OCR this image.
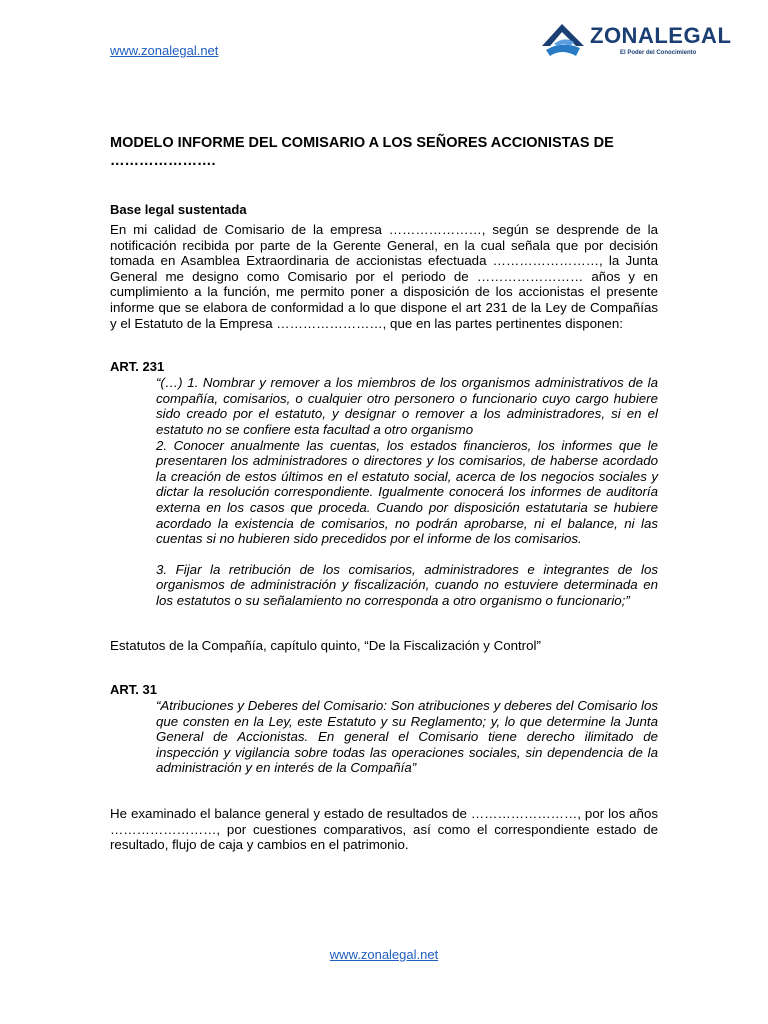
www.zonalegal.net
ZONALEGAL
El Poder del Conocimiento

MODELO INFORME DEL COMISARIO A LOS SEÑORES ACCIONISTAS DE

………………….

Base legal sustentada

En mi calidad de Comisario de la empresa …………………, según se desprende de la notificación recibida por parte de la Gerente General, en la cual señala que por decisión tomada en Asamblea Extraordinaria de accionistas efectuada ……………………, la Junta General me designo como Comisario por el periodo de …………………… años y en cumplimiento a la función, me permito poner a disposición de los accionistas el presente informe que se elabora de conformidad a lo que dispone el art 231 de la Ley de Compañías y el Estatuto de la Empresa ……………………, que en las partes pertinentes disponen:

ART. 231

“(…) 1. Nombrar y remover a los miembros de los organismos administrativos de la compañía, comisarios, o cualquier otro personero o funcionario cuyo cargo hubiere sido creado por el estatuto, y designar o remover a los administradores, si en el estatuto no se confiere esta facultad a otro organismo

2. Conocer anualmente las cuentas, los estados financieros, los informes que le presentaren los administradores o directores y los comisarios, de haberse acordado la creación de estos últimos en el estatuto social, acerca de los negocios sociales y dictar la resolución correspondiente. Igualmente conocerá los informes de auditoría externa en los casos que proceda. Cuando por disposición estatutaria se hubiere acordado la existencia de comisarios, no podrán aprobarse, ni el balance, ni las cuentas si no hubieren sido precedidos por el informe de los comisarios.

3. Fijar la retribución de los comisarios, administradores e integrantes de los organismos de administración y fiscalización, cuando no estuviere determinada en los estatutos o su señalamiento no corresponda a otro organismo o funcionario;”

Estatutos de la Compañía, capítulo quinto, “De la Fiscalización y Control”

ART. 31

“Atribuciones y Deberes del Comisario: Son atribuciones y deberes del Comisario los que consten en la Ley, este Estatuto y su Reglamento; y, lo que determine la Junta General de Accionistas. En general el Comisario tiene derecho ilimitado de inspección y vigilancia sobre todas las operaciones sociales, sin dependencia de la administración y en interés de la Compañía”

He examinado el balance general y estado de resultados de ……………………, por los años ……………………, por cuestiones comparativos, así como el correspondiente estado de resultado, flujo de caja y cambios en el patrimonio.

www.zonalegal.net
